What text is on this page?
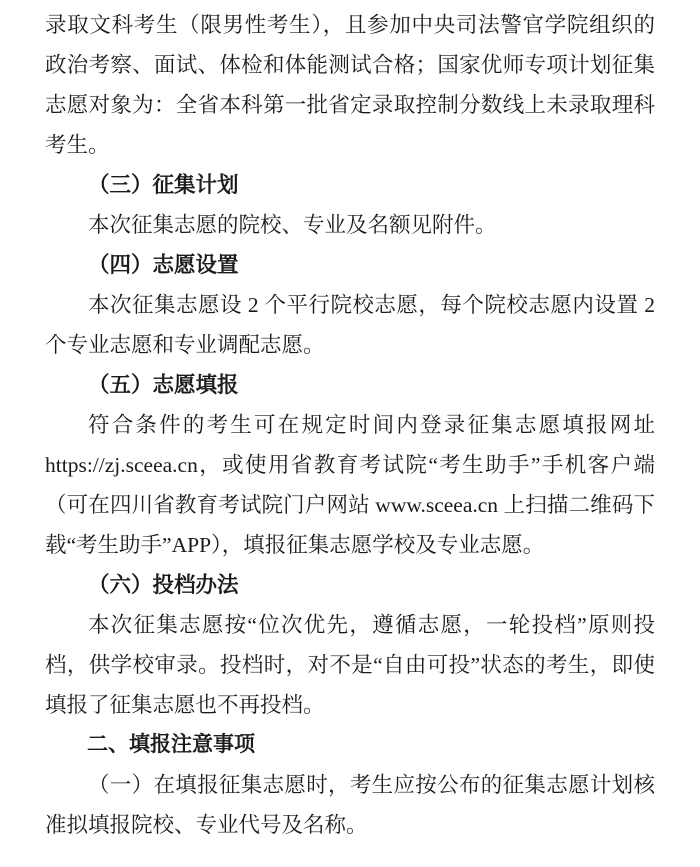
录取文科考生（限男性考生），且参加中央司法警官学院组织的政治考察、面试、体检和体能测试合格；国家优师专项计划征集志愿对象为：全省本科第一批省定录取控制分数线上未录取理科考生。

（三）征集计划

本次征集志愿的院校、专业及名额见附件。

（四）志愿设置

本次征集志愿设 2 个平行院校志愿，每个院校志愿内设置 2 个专业志愿和专业调配志愿。

（五）志愿填报

符合条件的考生可在规定时间内登录征集志愿填报网址 https://zj.sceea.cn，或使用省教育考试院“考生助手”手机客户端（可在四川省教育考试院门户网站 www.sceea.cn 上扫描二维码下载“考生助手”APP），填报征集志愿学校及专业志愿。

（六）投档办法

本次征集志愿按“位次优先，遵循志愿，一轮投档”原则投档，供学校审录。投档时，对不是“自由可投”状态的考生，即使填报了征集志愿也不再投档。

二、填报注意事项

（一）在填报征集志愿时，考生应按公布的征集志愿计划核准拟填报院校、专业代号及名称。
